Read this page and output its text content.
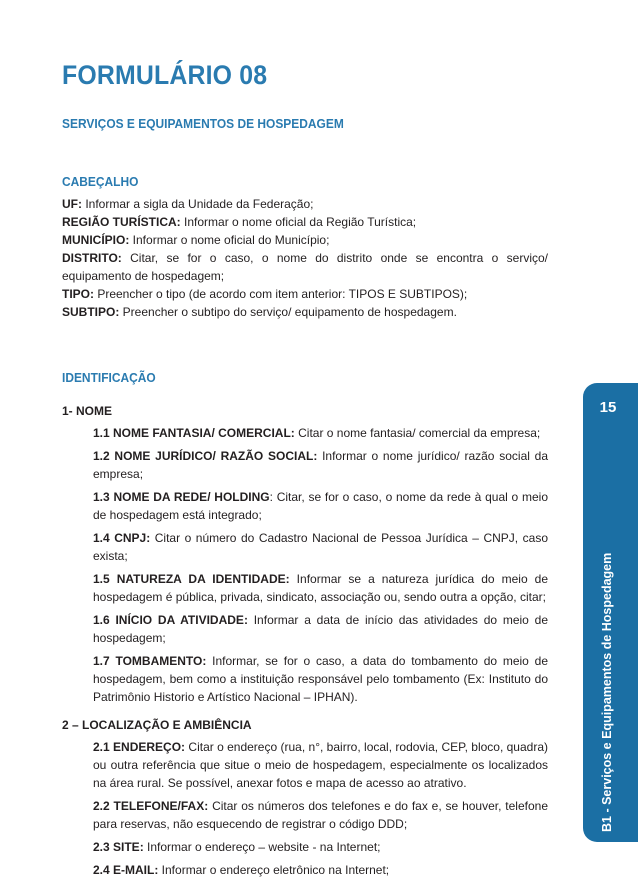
FORMULÁRIO 08
SERVIÇOS E EQUIPAMENTOS DE HOSPEDAGEM
CABEÇALHO

UF: Informar a sigla da Unidade da Federação;

REGIÃO TURÍSTICA: Informar o nome oficial da Região Turística;

MUNICÍPIO: Informar o nome oficial do Município;

DISTRITO: Citar, se for o caso, o nome do distrito onde se encontra o serviço/ equipamento de hospedagem;

TIPO: Preencher o tipo (de acordo com item anterior: TIPOS E SUBTIPOS);

SUBTIPO: Preencher o subtipo do serviço/ equipamento de hospedagem.

IDENTIFICAÇÃO

1- NOME

1.1 NOME FANTASIA/ COMERCIAL: Citar o nome fantasia/ comercial da empresa;

1.2 NOME JURÍDICO/ RAZÃO SOCIAL: Informar o nome jurídico/ razão social da empresa;

1.3 NOME DA REDE/ HOLDING: Citar, se for o caso, o nome da rede à qual o meio de hospedagem está integrado;

1.4 CNPJ: Citar o número do Cadastro Nacional de Pessoa Jurídica – CNPJ, caso exista;

1.5 NATUREZA DA IDENTIDADE: Informar se a natureza jurídica do meio de hospedagem é pública, privada, sindicato, associação ou, sendo outra a opção, citar;

1.6 INÍCIO DA ATIVIDADE: Informar a data de início das atividades do meio de hospedagem;

1.7 TOMBAMENTO: Informar, se for o caso, a data do tombamento do meio de hospedagem, bem como a instituição responsável pelo tombamento (Ex: Instituto do Patrimônio Historio e Artístico Nacional – IPHAN).

2 – LOCALIZAÇÃO E AMBIÊNCIA

2.1 ENDEREÇO: Citar o endereço (rua, n°, bairro, local, rodovia, CEP, bloco, quadra) ou outra referência que situe o meio de hospedagem, especialmente os localizados na área rural. Se possível, anexar fotos e mapa de acesso ao atrativo.

2.2 TELEFONE/FAX: Citar os números dos telefones e do fax e, se houver, telefone para reservas, não esquecendo de registrar o código DDD;

2.3 SITE: Informar o endereço – website - na Internet;

2.4 E-MAIL: Informar o endereço eletrônico na Internet;

15
B1 - Serviços e Equipamentos de Hospedagem
